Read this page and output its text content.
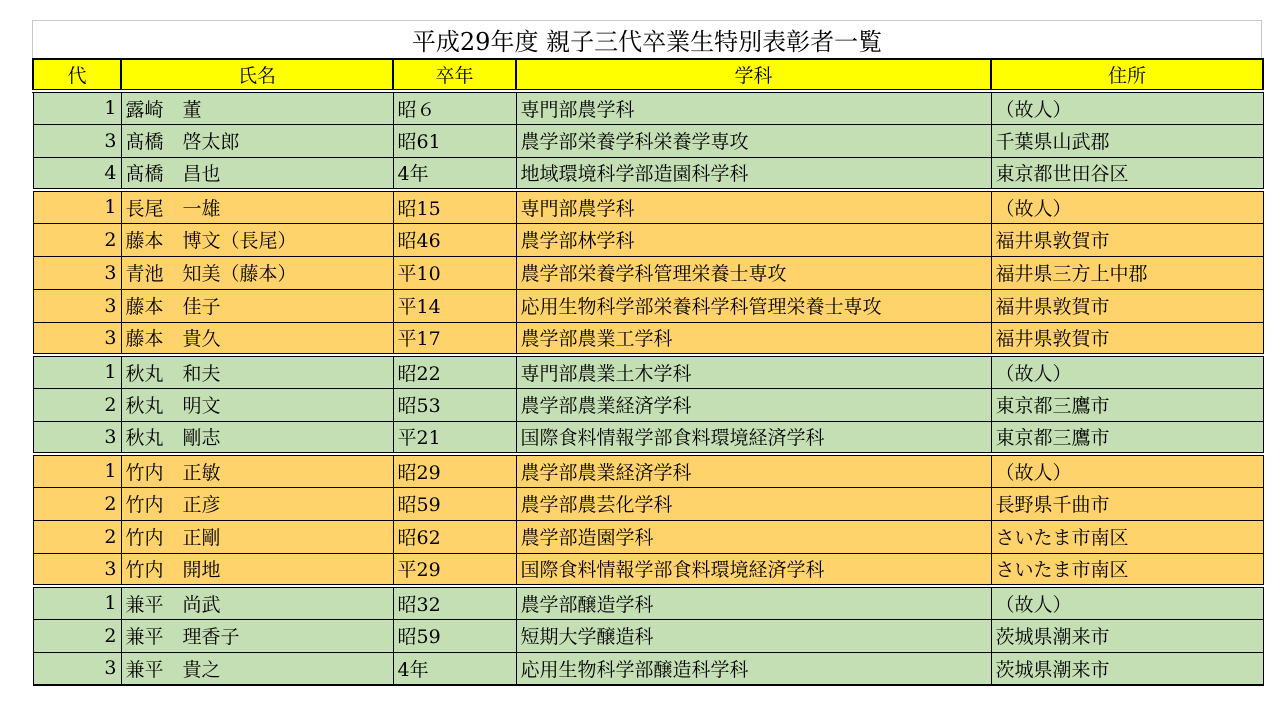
平成29年度 親子三代卒業生特別表彰者一覧
代	氏名	卒年	学科	住所
1	露崎　董	昭６	専門部農学科	（故人）
3	髙橋　啓太郎	昭61	農学部栄養学科栄養学専攻	千葉県山武郡
4	髙橋　昌也	4年	地域環境科学部造園科学科	東京都世田谷区
1	長尾　一雄	昭15	専門部農学科	（故人）
2	藤本　博文（長尾）	昭46	農学部林学科	福井県敦賀市
3	青池　知美（藤本）	平10	農学部栄養学科管理栄養士専攻	福井県三方上中郡
3	藤本　佳子	平14	応用生物科学部栄養科学科管理栄養士専攻	福井県敦賀市
3	藤本　貴久	平17	農学部農業工学科	福井県敦賀市
1	秋丸　和夫	昭22	専門部農業土木学科	（故人）
2	秋丸　明文	昭53	農学部農業経済学科	東京都三鷹市
3	秋丸　剛志	平21	国際食料情報学部食料環境経済学科	東京都三鷹市
1	竹内　正敏	昭29	農学部農業経済学科	（故人）
2	竹内　正彦	昭59	農学部農芸化学科	長野県千曲市
2	竹内　正剛	昭62	農学部造園学科	さいたま市南区
3	竹内　開地	平29	国際食料情報学部食料環境経済学科	さいたま市南区
1	兼平　尚武	昭32	農学部醸造学科	（故人）
2	兼平　理香子	昭59	短期大学醸造科	茨城県潮来市
3	兼平　貴之	4年	応用生物科学部醸造科学科	茨城県潮来市
